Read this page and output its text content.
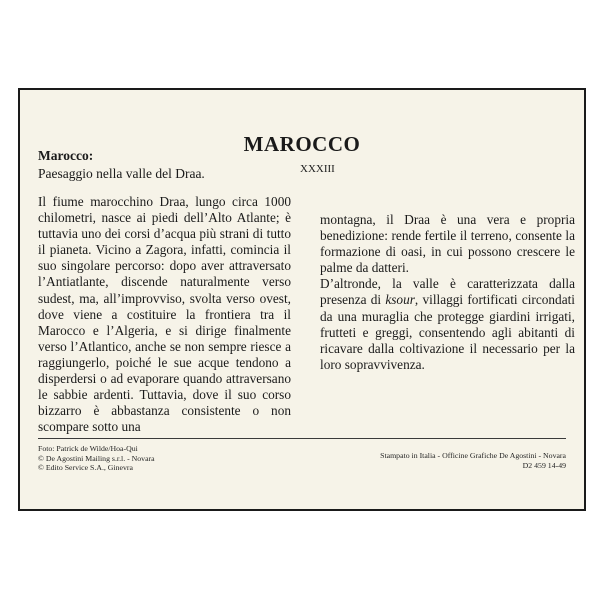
MAROCCO
Marocco:
Paesaggio nella valle del Draa.	XXXIII

Il fiume marocchino Draa, lungo circa 1000 chilometri, nasce ai piedi dell’Alto Atlante; è tuttavia uno dei corsi d’acqua più strani di tutto il pianeta. Vicino a Zagora, infatti, comincia il suo singolare percorso: dopo aver attraversato l’Antiatlante, discende naturalmente verso sudest, ma, all’improvviso, svolta verso ovest, dove viene a costituire la frontiera tra il Marocco e l’Algeria, e si dirige finalmente verso l’Atlantico, anche se non sempre riesce a raggiungerlo, poiché le sue acque tendono a disperdersi o ad evaporare quando attraversano le sabbie ardenti. Tuttavia, dove il suo corso bizzarro è abbastanza consistente o non scompare sotto una

montagna, il Draa è una vera e propria benedizione: rende fertile il terreno, consente la formazione di oasi, in cui possono crescere le palme da datteri.

D’altronde, la valle è caratterizzata dalla presenza di ksour, villaggi fortificati circondati da una muraglia che protegge giardini irrigati, frutteti e greggi, consentendo agli abitanti di ricavare dalla coltivazione il necessario per la loro sopravvivenza.

Foto: Patrick de Wilde/Hoa-Qui
© De Agostini Mailing s.r.l. - Novara
© Edito Service S.A., Ginevra
Stampato in Italia - Officine Grafiche De Agostini - Novara
D2 459 14-49
